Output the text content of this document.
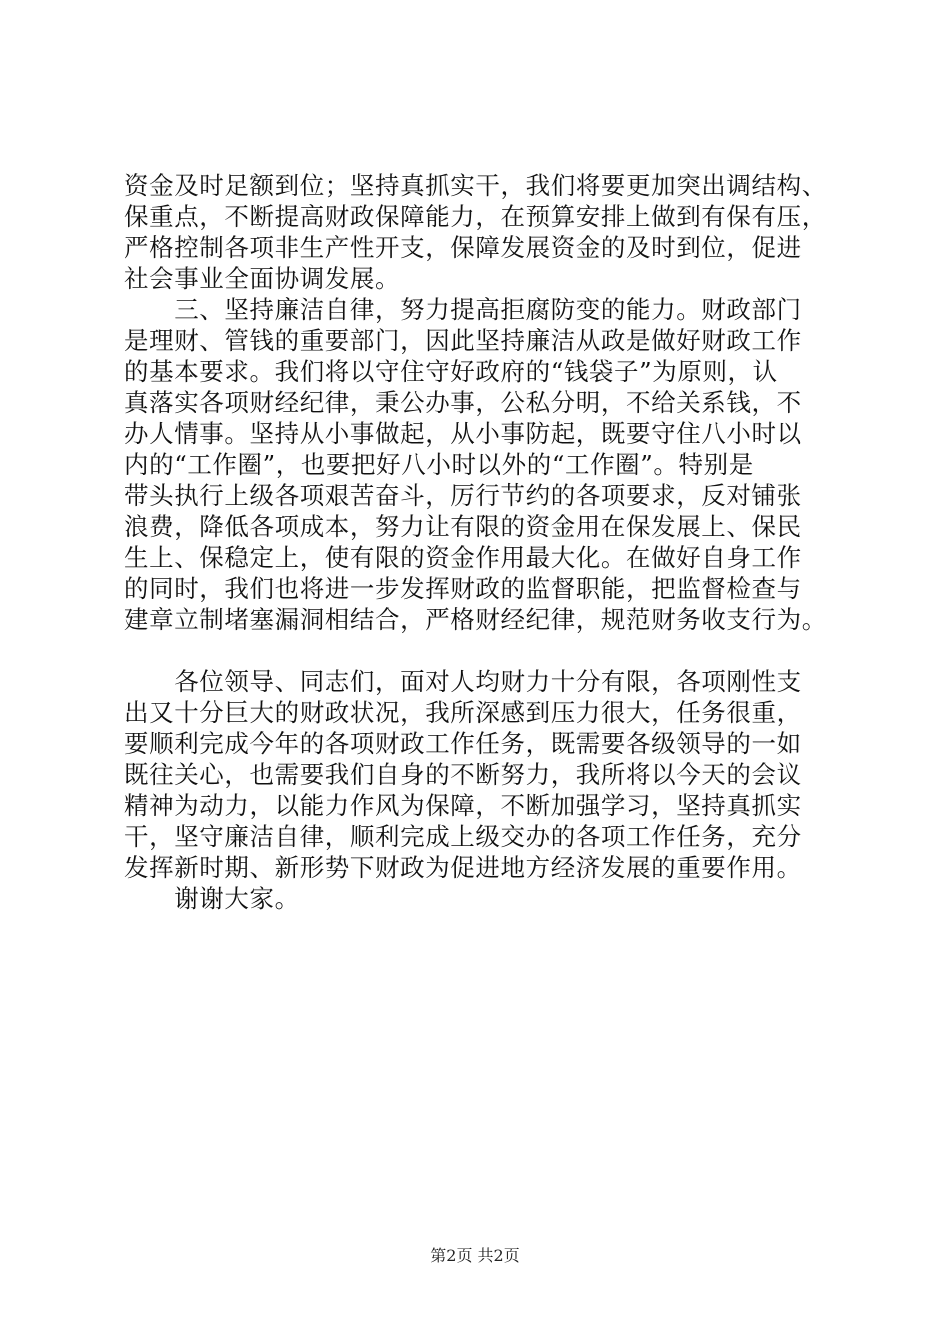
资金及时足额到位；坚持真抓实干，我们将要更加突出调结构、
保重点，不断提高财政保障能力，在预算安排上做到有保有压，
严格控制各项非生产性开支，保障发展资金的及时到位，促进
社会事业全面协调发展。
　　三、坚持廉洁自律，努力提高拒腐防变的能力。财政部门
是理财、管钱的重要部门，因此坚持廉洁从政是做好财政工作
的基本要求。我们将以守住守好政府的“钱袋子”为原则，认
真落实各项财经纪律，秉公办事，公私分明，不给关系钱，不
办人情事。坚持从小事做起，从小事防起，既要守住八小时以
内的“工作圈”，也要把好八小时以外的“工作圈”。特别是
带头执行上级各项艰苦奋斗，厉行节约的各项要求，反对铺张
浪费，降低各项成本，努力让有限的资金用在保发展上、保民
生上、保稳定上，使有限的资金作用最大化。在做好自身工作
的同时，我们也将进一步发挥财政的监督职能，把监督检查与
建章立制堵塞漏洞相结合，严格财经纪律，规范财务收支行为。
　　各位领导、同志们，面对人均财力十分有限，各项刚性支
出又十分巨大的财政状况，我所深感到压力很大，任务很重，
要顺利完成今年的各项财政工作任务，既需要各级领导的一如
既往关心，也需要我们自身的不断努力，我所将以今天的会议
精神为动力，以能力作风为保障，不断加强学习，坚持真抓实
干，坚守廉洁自律，顺利完成上级交办的各项工作任务，充分
发挥新时期、新形势下财政为促进地方经济发展的重要作用。
　　谢谢大家。
第2页 共2页
